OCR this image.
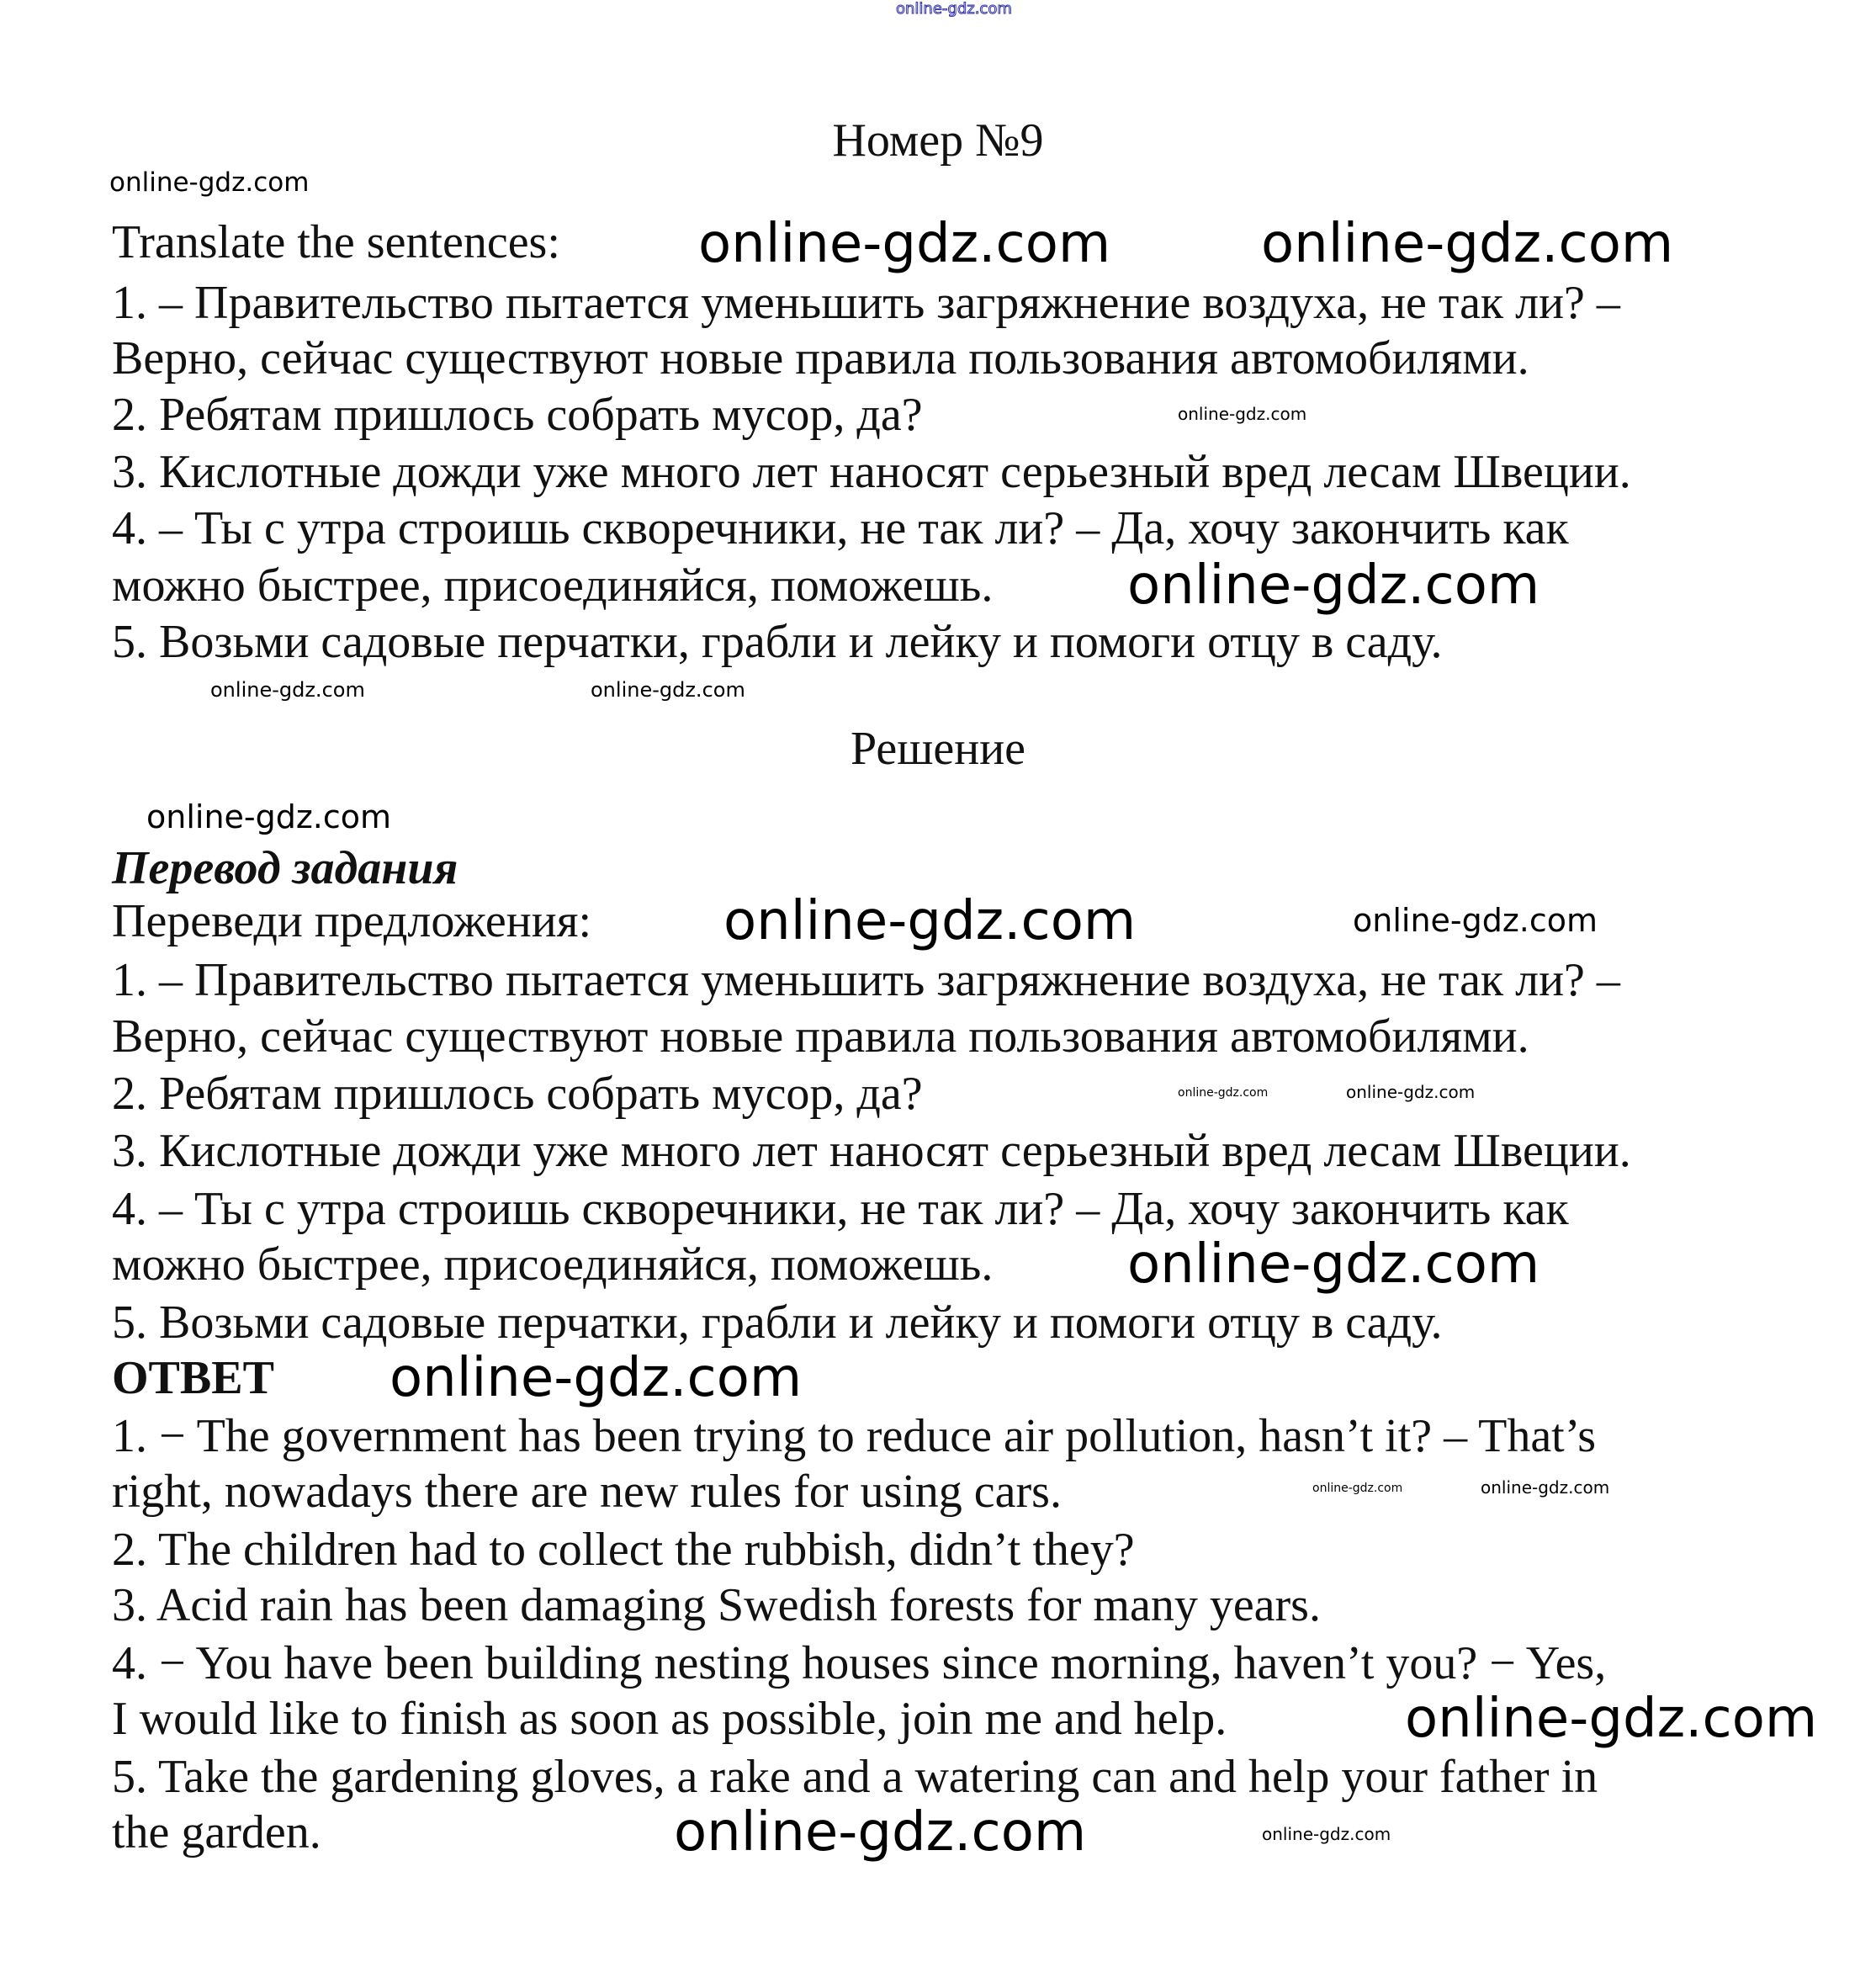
online-gdz.com
Номер №9
Translate the sentences:
1. – Правительство пытается уменьшить загряжнение воздуха, не так ли? –
Верно, сейчас существуют новые правила пользования автомобилями.
2. Ребятам пришлось собрать мусор, да?
3. Кислотные дожди уже много лет наносят серьезный вред лесам Швеции.
4. – Ты с утра строишь скворечники, не так ли? – Да, хочу закончить как
можно быстрее, присоединяйся, поможешь.
5. Возьми садовые перчатки, грабли и лейку и помоги отцу в саду.
Решение
Перевод задания
Переведи предложения:
1. – Правительство пытается уменьшить загряжнение воздуха, не так ли? –
Верно, сейчас существуют новые правила пользования автомобилями.
2. Ребятам пришлось собрать мусор, да?
3. Кислотные дожди уже много лет наносят серьезный вред лесам Швеции.
4. – Ты с утра строишь скворечники, не так ли? – Да, хочу закончить как
можно быстрее, присоединяйся, поможешь.
5. Возьми садовые перчатки, грабли и лейку и помоги отцу в саду.
ОТВЕТ
1. − The government has been trying to reduce air pollution, hasn’t it? – That’s
right, nowadays there are new rules for using cars.
2. The children had to collect the rubbish, didn’t they?
3. Acid rain has been damaging Swedish forests for many years.
4. − You have been building nesting houses since morning, haven’t you? − Yes,
I would like to finish as soon as possible, join me and help.
5. Take the gardening gloves, a rake and a watering can and help your father in
the garden.
online-gdz.com
online-gdz.com	online-gdz.com
online-gdz.com
online-gdz.com
online-gdz.com	online-gdz.com
online-gdz.com
online-gdz.com	online-gdz.com
online-gdz.com	online-gdz.com
online-gdz.com
online-gdz.com
online-gdz.com	online-gdz.com
online-gdz.com
online-gdz.com
online-gdz.com
